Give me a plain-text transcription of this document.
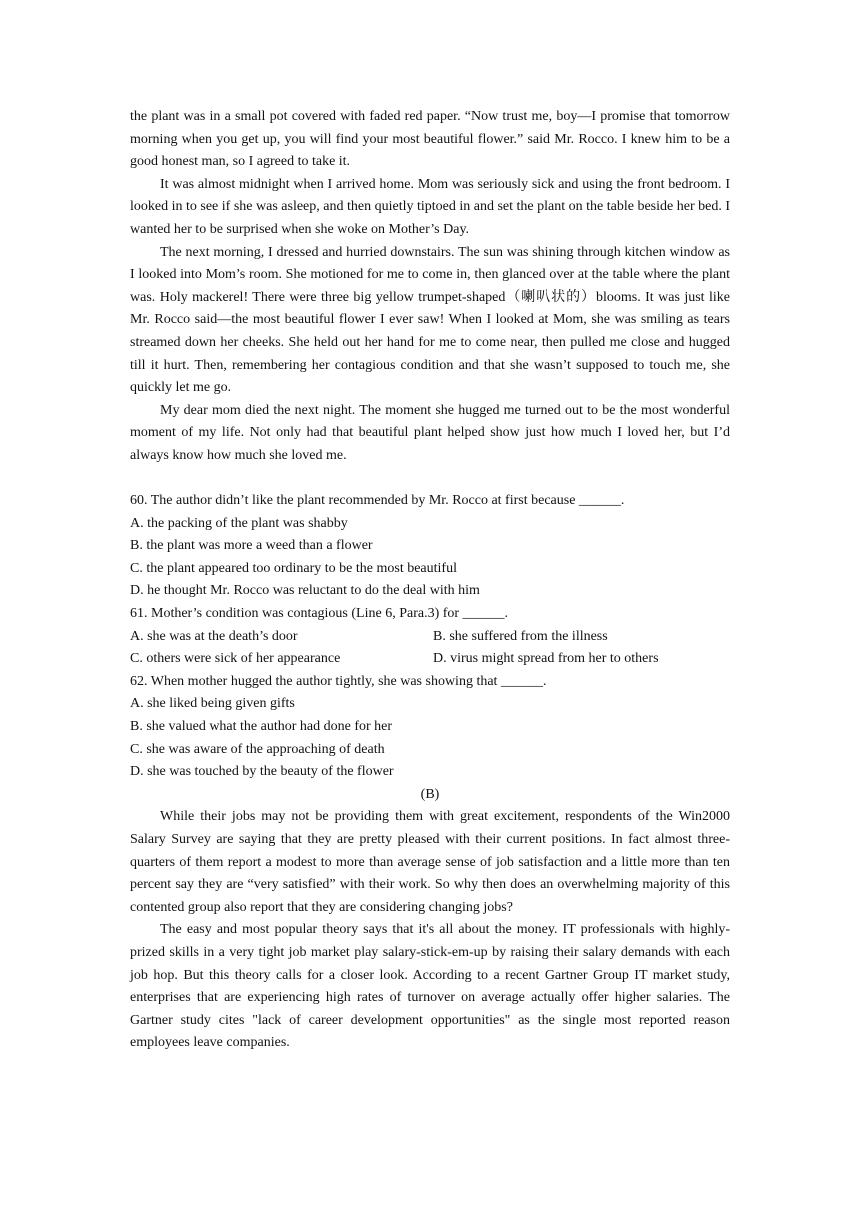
the plant was in a small pot covered with faded red paper. “Now trust me, boy—I promise that tomorrow morning when you get up, you will find your most beautiful flower.” said Mr. Rocco. I knew him to be a good honest man, so I agreed to take it.

It was almost midnight when I arrived home. Mom was seriously sick and using the front bedroom. I looked in to see if she was asleep, and then quietly tiptoed in and set the plant on the table beside her bed. I wanted her to be surprised when she woke on Mother’s Day.

The next morning, I dressed and hurried downstairs. The sun was shining through kitchen window as I looked into Mom’s room. She motioned for me to come in, then glanced over at the table where the plant was. Holy mackerel! There were three big yellow trumpet-shaped（喇叭状的）blooms. It was just like Mr. Rocco said—the most beautiful flower I ever saw! When I looked at Mom, she was smiling as tears streamed down her cheeks. She held out her hand for me to come near, then pulled me close and hugged till it hurt. Then, remembering her contagious condition and that she wasn’t supposed to touch me, she quickly let me go.

My dear mom died the next night. The moment she hugged me turned out to be the most wonderful moment of my life. Not only had that beautiful plant helped show just how much I loved her, but I’d always know how much she loved me.

60. The author didn’t like the plant recommended by Mr. Rocco at first because ______.

A. the packing of the plant was shabby

B. the plant was more a weed than a flower

C. the plant appeared too ordinary to be the most beautiful

D. he thought Mr. Rocco was reluctant to do the deal with him

61. Mother’s condition was contagious (Line 6, Para.3) for ______.

A. she was at the death’s door	B. she suffered from the illness
C. others were sick of her appearance	D. virus might spread from her to others

62. When mother hugged the author tightly, she was showing that ______.

A. she liked being given gifts

B. she valued what the author had done for her

C. she was aware of the approaching of death

D. she was touched by the beauty of the flower

(B)

While their jobs may not be providing them with great excitement, respondents of the Win2000 Salary Survey are saying that they are pretty pleased with their current positions. In fact almost three-quarters of them report a modest to more than average sense of job satisfaction and a little more than ten percent say they are “very satisfied” with their work. So why then does an overwhelming majority of this contented group also report that they are considering changing jobs?

The easy and most popular theory says that it's all about the money. IT professionals with highly-prized skills in a very tight job market play salary-stick-em-up by raising their salary demands with each job hop. But this theory calls for a closer look. According to a recent Gartner Group IT market study, enterprises that are experiencing high rates of turnover on average actually offer higher salaries. The Gartner study cites "lack of career development opportunities" as the single most reported reason employees leave companies.
